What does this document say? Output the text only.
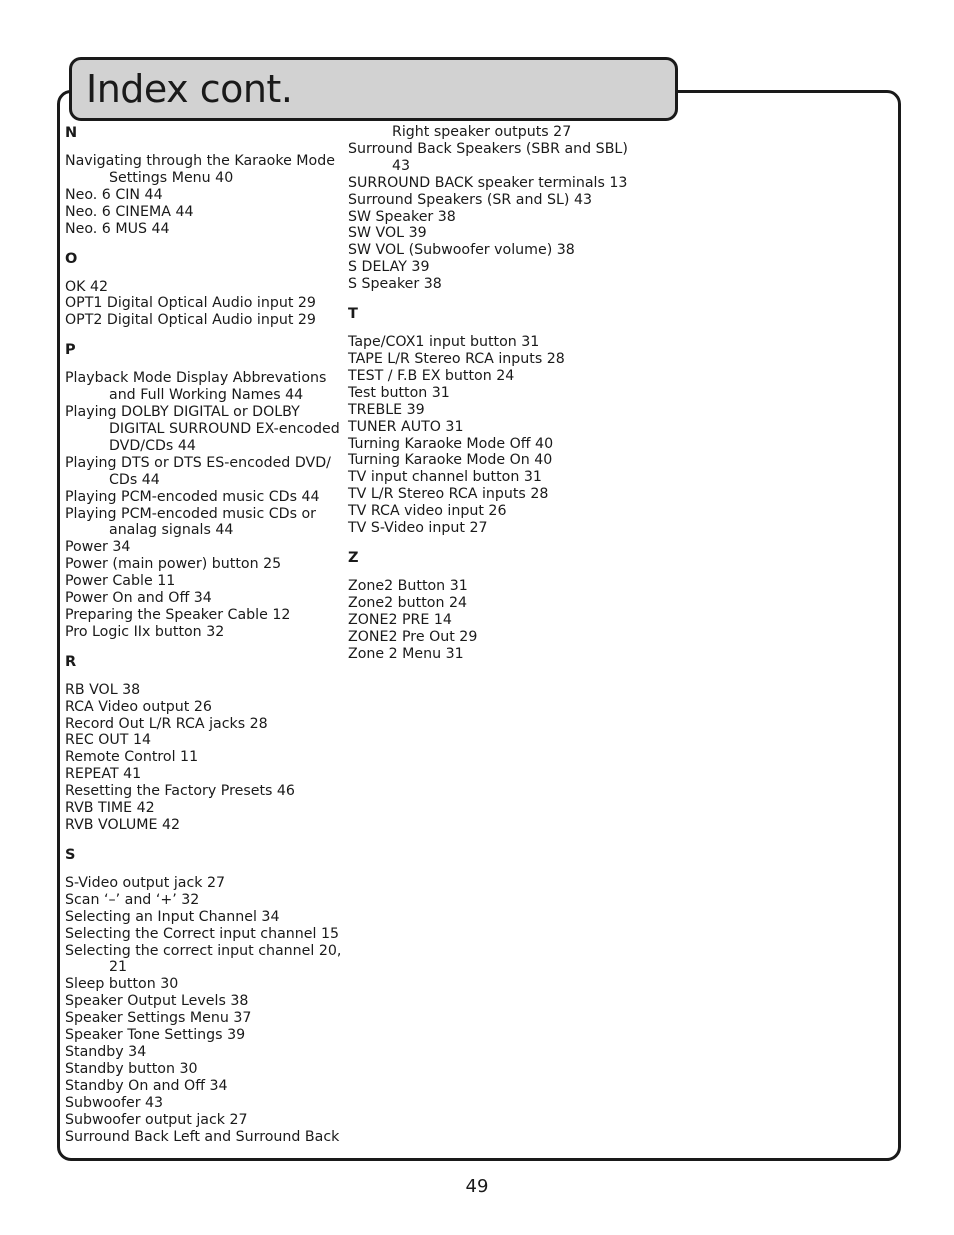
Index cont.
N
Navigating through the Karaoke Mode Settings Menu 40
Neo. 6 CIN 44
Neo. 6 CINEMA 44
Neo. 6 MUS 44
O
OK 42
OPT1 Digital Optical Audio input 29
OPT2 Digital Optical Audio input 29
P
Playback Mode Display Abbrevations and Full Working Names 44
Playing DOLBY DIGITAL or DOLBY DIGITAL SURROUND EX-encoded DVD/CDs 44
Playing DTS or DTS ES-encoded DVD/ CDs 44
Playing PCM-encoded music CDs 44
Playing PCM-encoded music CDs or analag signals 44
Power 34
Power (main power) button 25
Power Cable 11
Power On and Off 34
Preparing the Speaker Cable 12
Pro Logic IIx button 32
R
RB VOL 38
RCA Video output 26
Record Out L/R RCA jacks 28
REC OUT 14
Remote Control 11
REPEAT 41
Resetting the Factory Presets 46
RVB TIME 42
RVB VOLUME 42
S
S-Video output jack 27
Scan ‘–’ and ‘+’ 32
Selecting an Input Channel 34
Selecting the Correct input channel 15
Selecting the correct input channel 20, 21
Sleep button 30
Speaker Output Levels 38
Speaker Settings Menu 37
Speaker Tone Settings 39
Standby 34
Standby button 30
Standby On and Off 34
Subwoofer 43
Subwoofer output jack 27
Surround Back Left and Surround Back
Right speaker outputs 27
Surround Back Speakers (SBR and SBL) 43
SURROUND BACK speaker terminals 13
Surround Speakers (SR and SL) 43
SW Speaker 38
SW VOL 39
SW VOL (Subwoofer volume) 38
S DELAY 39
S Speaker 38
T
Tape/COX1 input button 31
TAPE L/R Stereo RCA inputs 28
TEST / F.B EX button 24
Test button 31
TREBLE 39
TUNER AUTO 31
Turning Karaoke Mode Off 40
Turning Karaoke Mode On 40
TV input channel button 31
TV L/R Stereo RCA inputs 28
TV RCA video input 26
TV S-Video input 27
Z
Zone2 Button 31
Zone2 button 24
ZONE2 PRE 14
ZONE2 Pre Out 29
Zone 2 Menu 31
49
